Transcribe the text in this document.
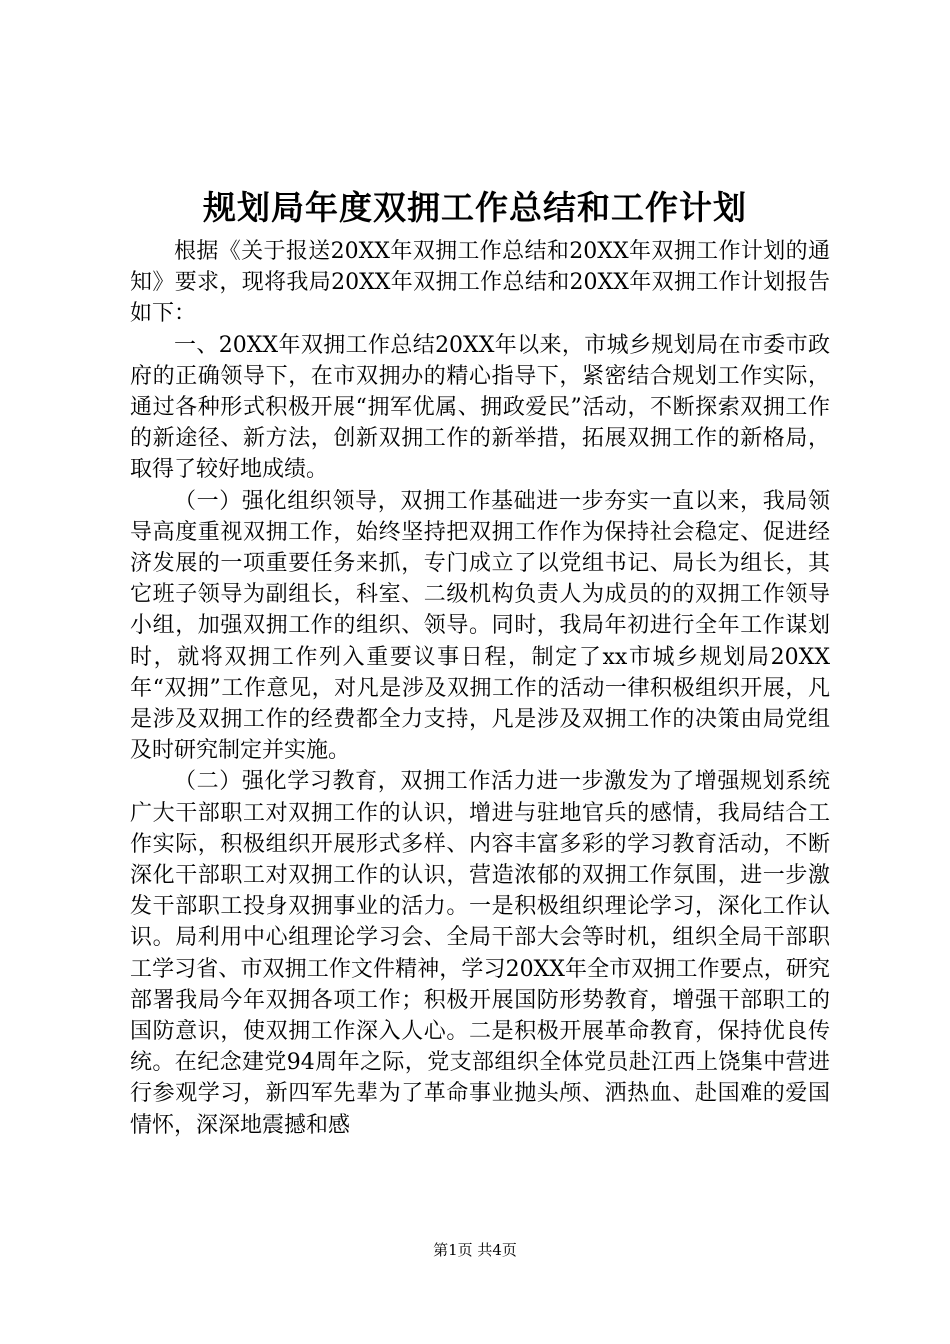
规划局年度双拥工作总结和工作计划

根据《关于报送20XX年双拥工作总结和20XX年双拥工作计划的通知》要求，现将我局20XX年双拥工作总结和20XX年双拥工作计划报告如下：

一、20XX年双拥工作总结20XX年以来，市城乡规划局在市委市政府的正确领导下，在市双拥办的精心指导下，紧密结合规划工作实际，通过各种形式积极开展“拥军优属、拥政爱民”活动，不断探索双拥工作的新途径、新方法，创新双拥工作的新举措，拓展双拥工作的新格局，取得了较好地成绩。

（一）强化组织领导，双拥工作基础进一步夯实一直以来，我局领导高度重视双拥工作，始终坚持把双拥工作作为保持社会稳定、促进经济发展的一项重要任务来抓，专门成立了以党组书记、局长为组长，其它班子领导为副组长，科室、二级机构负责人为成员的的双拥工作领导小组，加强双拥工作的组织、领导。同时，我局年初进行全年工作谋划时，就将双拥工作列入重要议事日程，制定了xx市城乡规划局20XX年“双拥”工作意见，对凡是涉及双拥工作的活动一律积极组织开展，凡是涉及双拥工作的经费都全力支持，凡是涉及双拥工作的决策由局党组及时研究制定并实施。

（二）强化学习教育，双拥工作活力进一步激发为了增强规划系统广大干部职工对双拥工作的认识，增进与驻地官兵的感情，我局结合工作实际，积极组织开展形式多样、内容丰富多彩的学习教育活动，不断深化干部职工对双拥工作的认识，营造浓郁的双拥工作氛围，进一步激发干部职工投身双拥事业的活力。一是积极组织理论学习，深化工作认识。局利用中心组理论学习会、全局干部大会等时机，组织全局干部职工学习省、市双拥工作文件精神，学习20XX年全市双拥工作要点，研究部署我局今年双拥各项工作；积极开展国防形势教育，增强干部职工的国防意识，使双拥工作深入人心。二是积极开展革命教育，保持优良传统。在纪念建党94周年之际，党支部组织全体党员赴江西上饶集中营进行参观学习，新四军先辈为了革命事业抛头颅、洒热血、赴国难的爱国情怀，深深地震撼和感

第1页 共4页
